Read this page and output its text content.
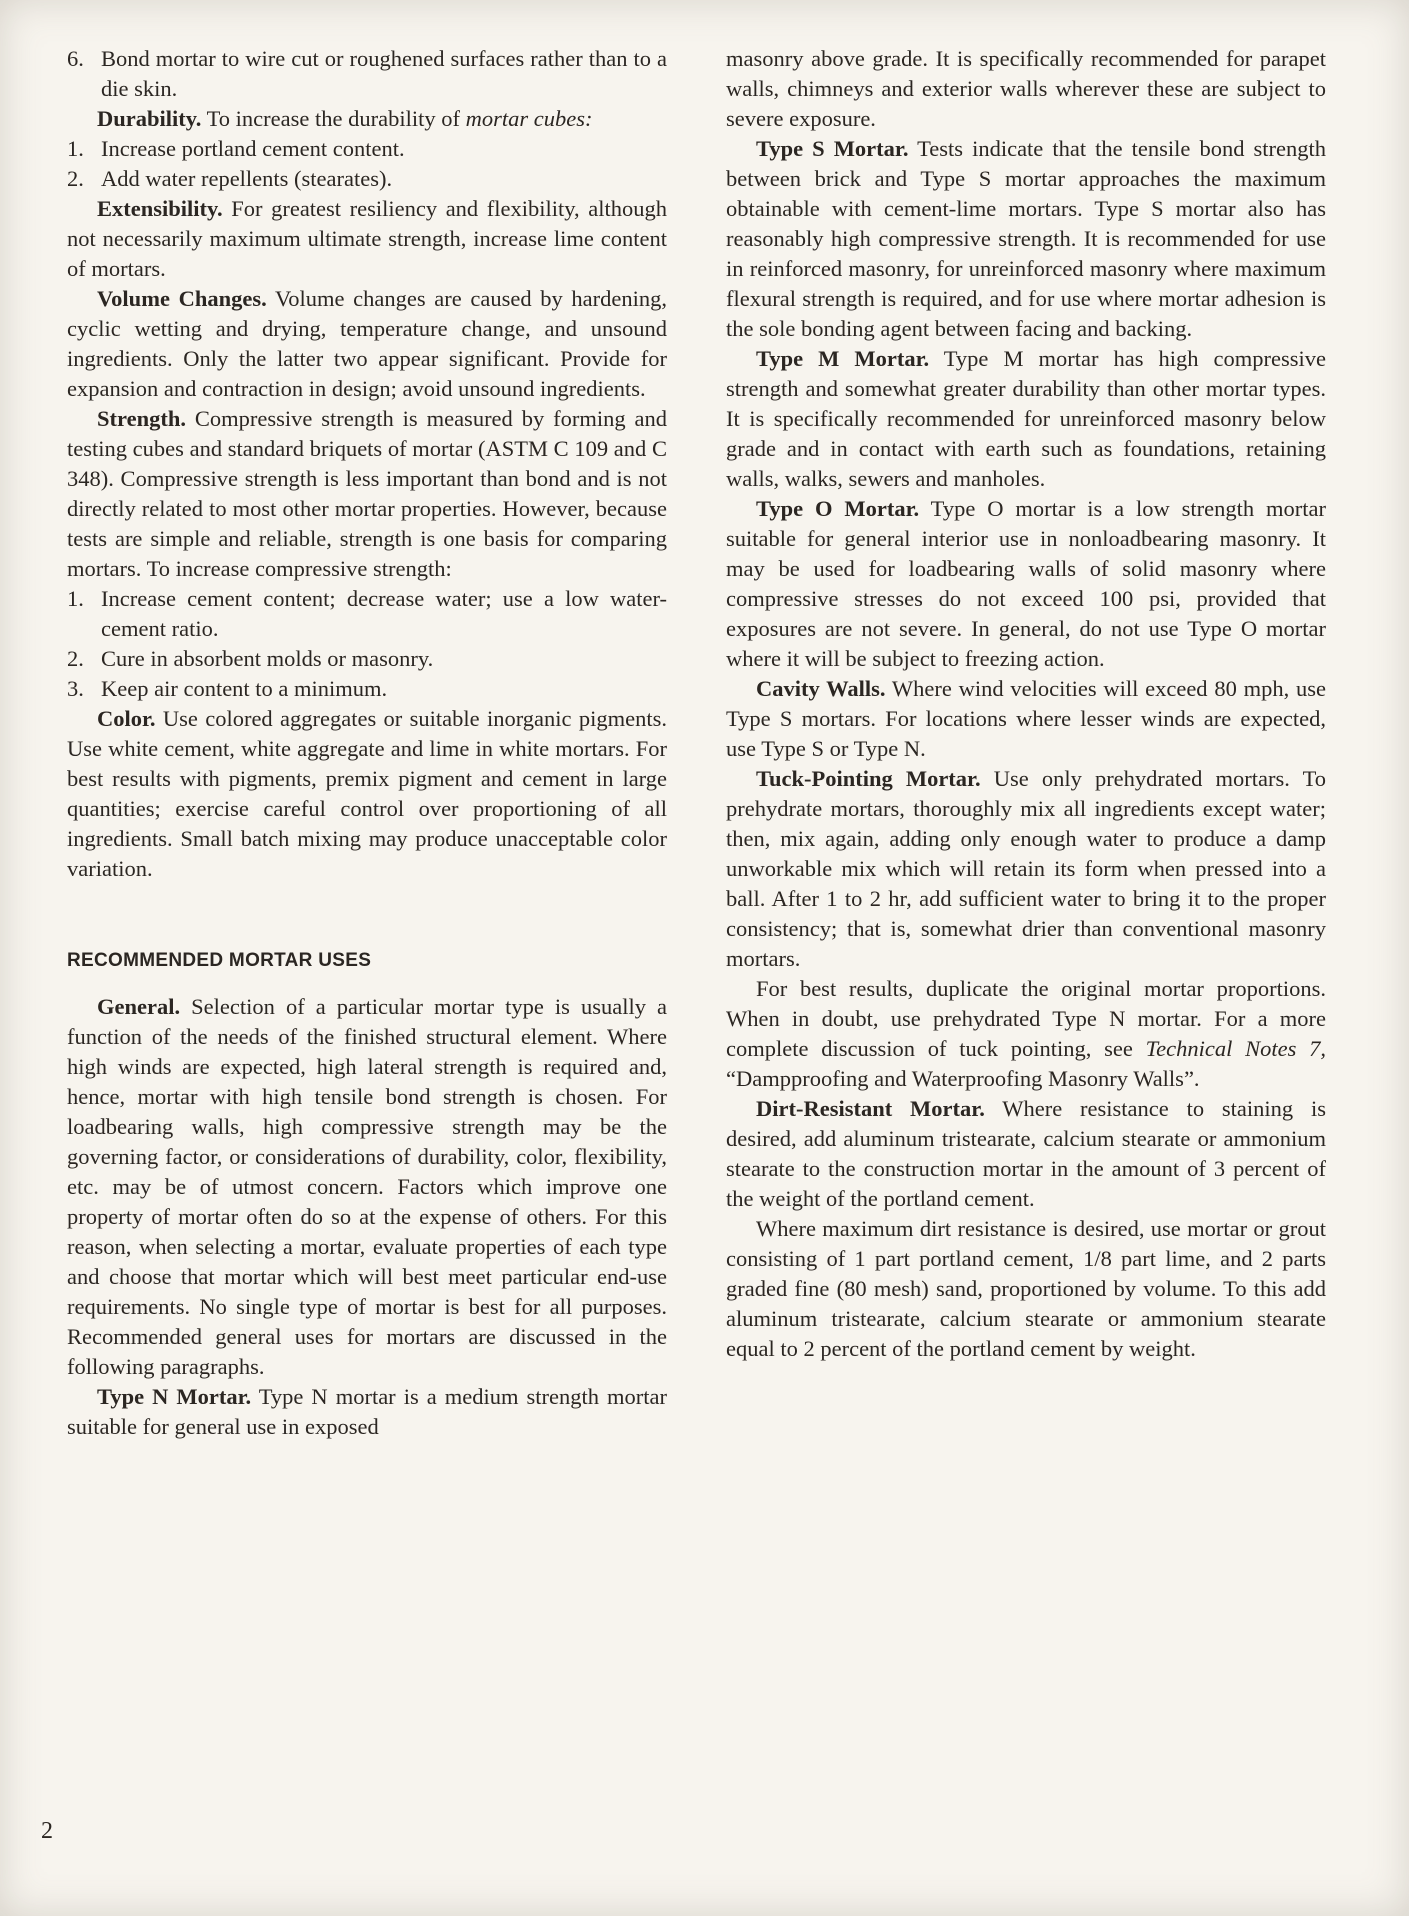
6. Bond mortar to wire cut or roughened surfaces rather than to a die skin.

Durability. To increase the durability of mortar cubes:

1. Increase portland cement content.

2. Add water repellents (stearates).

Extensibility. For greatest resiliency and flexibility, although not necessarily maximum ultimate strength, increase lime content of mortars.

Volume Changes. Volume changes are caused by hardening, cyclic wetting and drying, temperature change, and unsound ingredients. Only the latter two appear significant. Provide for expansion and contraction in design; avoid unsound ingredients.

Strength. Compressive strength is measured by forming and testing cubes and standard briquets of mortar (ASTM C 109 and C 348). Compressive strength is less important than bond and is not directly related to most other mortar properties. However, because tests are simple and reliable, strength is one basis for comparing mortars. To increase compressive strength:

1. Increase cement content; decrease water; use a low water-cement ratio.

2. Cure in absorbent molds or masonry.

3. Keep air content to a minimum.

Color. Use colored aggregates or suitable inorganic pigments. Use white cement, white aggregate and lime in white mortars. For best results with pigments, premix pigment and cement in large quantities; exercise careful control over proportioning of all ingredients. Small batch mixing may produce unacceptable color variation.

RECOMMENDED MORTAR USES

General. Selection of a particular mortar type is usually a function of the needs of the finished structural element. Where high winds are expected, high lateral strength is required and, hence, mortar with high tensile bond strength is chosen. For loadbearing walls, high compressive strength may be the governing factor, or considerations of durability, color, flexibility, etc. may be of utmost concern. Factors which improve one property of mortar often do so at the expense of others. For this reason, when selecting a mortar, evaluate properties of each type and choose that mortar which will best meet particular end-use requirements. No single type of mortar is best for all purposes. Recommended general uses for mortars are discussed in the following paragraphs.

Type N Mortar. Type N mortar is a medium strength mortar suitable for general use in exposed

masonry above grade. It is specifically recommended for parapet walls, chimneys and exterior walls wherever these are subject to severe exposure.

Type S Mortar. Tests indicate that the tensile bond strength between brick and Type S mortar approaches the maximum obtainable with cement-lime mortars. Type S mortar also has reasonably high compressive strength. It is recommended for use in reinforced masonry, for unreinforced masonry where maximum flexural strength is required, and for use where mortar adhesion is the sole bonding agent between facing and backing.

Type M Mortar. Type M mortar has high compressive strength and somewhat greater durability than other mortar types. It is specifically recommended for unreinforced masonry below grade and in contact with earth such as foundations, retaining walls, walks, sewers and manholes.

Type O Mortar. Type O mortar is a low strength mortar suitable for general interior use in nonloadbearing masonry. It may be used for loadbearing walls of solid masonry where compressive stresses do not exceed 100 psi, provided that exposures are not severe. In general, do not use Type O mortar where it will be subject to freezing action.

Cavity Walls. Where wind velocities will exceed 80 mph, use Type S mortars. For locations where lesser winds are expected, use Type S or Type N.

Tuck-Pointing Mortar. Use only prehydrated mortars. To prehydrate mortars, thoroughly mix all ingredients except water; then, mix again, adding only enough water to produce a damp unworkable mix which will retain its form when pressed into a ball. After 1 to 2 hr, add sufficient water to bring it to the proper consistency; that is, somewhat drier than conventional masonry mortars.

For best results, duplicate the original mortar proportions. When in doubt, use prehydrated Type N mortar. For a more complete discussion of tuck pointing, see Technical Notes 7, “Dampproofing and Waterproofing Masonry Walls”.

Dirt-Resistant Mortar. Where resistance to staining is desired, add aluminum tristearate, calcium stearate or ammonium stearate to the construction mortar in the amount of 3 percent of the weight of the portland cement.

Where maximum dirt resistance is desired, use mortar or grout consisting of 1 part portland cement, 1/8 part lime, and 2 parts graded fine (80 mesh) sand, proportioned by volume. To this add aluminum tristearate, calcium stearate or ammonium stearate equal to 2 percent of the portland cement by weight.

2
